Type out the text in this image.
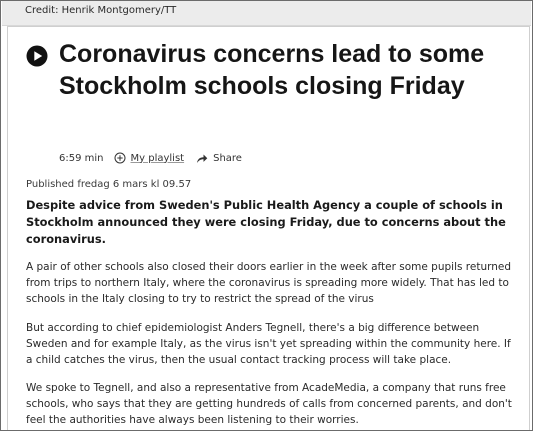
Credit: Henrik Montgomery/TT
Coronavirus concerns lead to some Stockholm schools closing Friday
6:59 min	My playlist	Share
Published fredag 6 mars kl 09.57

Despite advice from Sweden's Public Health Agency a couple of schools in Stockholm announced they were closing Friday, due to concerns about the coronavirus.

A pair of other schools also closed their doors earlier in the week after some pupils returned from trips to northern Italy, where the coronavirus is spreading more widely. That has led to schools in the Italy closing to try to restrict the spread of the virus

But according to chief epidemiologist Anders Tegnell, there's a big difference between Sweden and for example Italy, as the virus isn't yet spreading within the community here. If a child catches the virus, then the usual contact tracking process will take place.

We spoke to Tegnell, and also a representative from AcadeMedia, a company that runs free schools, who says that they are getting hundreds of calls from concerned parents, and don't feel the authorities have always been listening to their worries.
